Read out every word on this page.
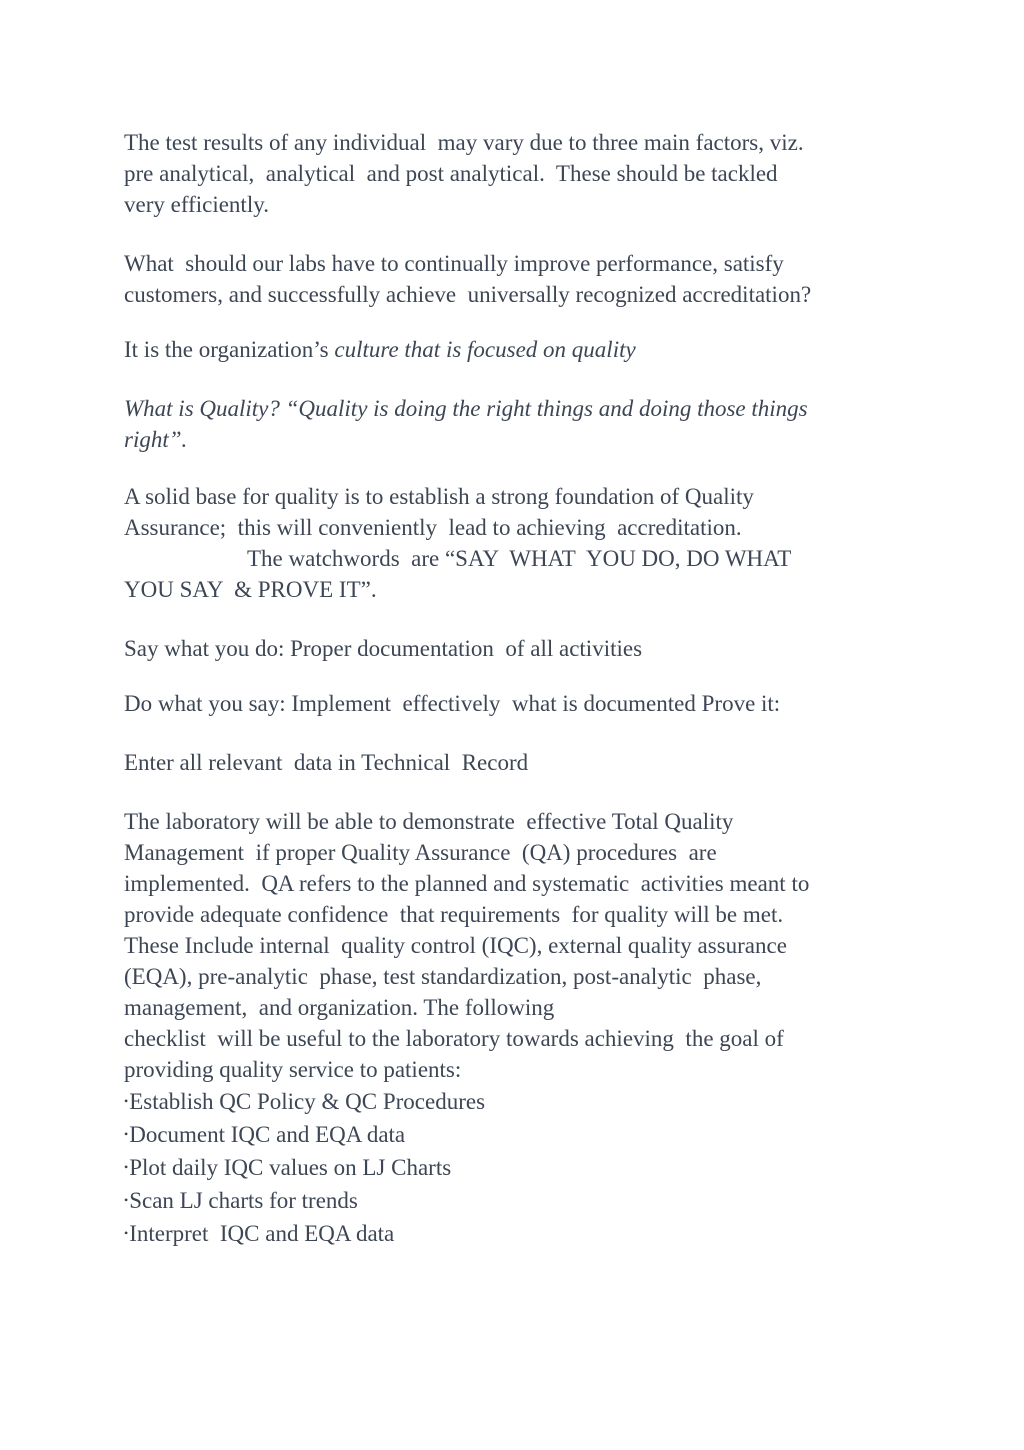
The test results of any individual  may vary due to three main factors, viz.
pre analytical,  analytical  and post analytical.  These should be tackled
very efficiently.
What  should our labs have to continually improve performance, satisfy
customers, and successfully achieve  universally recognized accreditation?
It is the organization’s culture that is focused on quality
What is Quality? “Quality is doing the right things and doing those things
right”.
A solid base for quality is to establish a strong foundation of Quality
Assurance;  this will conveniently  lead to achieving  accreditation.
The watchwords  are “SAY  WHAT  YOU DO, DO WHAT
YOU SAY  & PROVE IT”.
Say what you do: Proper documentation  of all activities
Do what you say: Implement  effectively  what is documented Prove it:
Enter all relevant  data in Technical  Record
The laboratory will be able to demonstrate  effective Total Quality
Management  if proper Quality Assurance  (QA) procedures  are
implemented.  QA refers to the planned and systematic  activities meant to
provide adequate confidence  that requirements  for quality will be met.
These Include internal  quality control (IQC), external quality assurance
(EQA), pre-analytic  phase, test standardization, post-analytic  phase,
management,  and organization. The following
checklist  will be useful to the laboratory towards achieving  the goal of
providing quality service to patients:
•Establish QC Policy & QC Procedures
•Document IQC and EQA data
•Plot daily IQC values on LJ Charts
•Scan LJ charts for trends
•Interpret  IQC and EQA data
